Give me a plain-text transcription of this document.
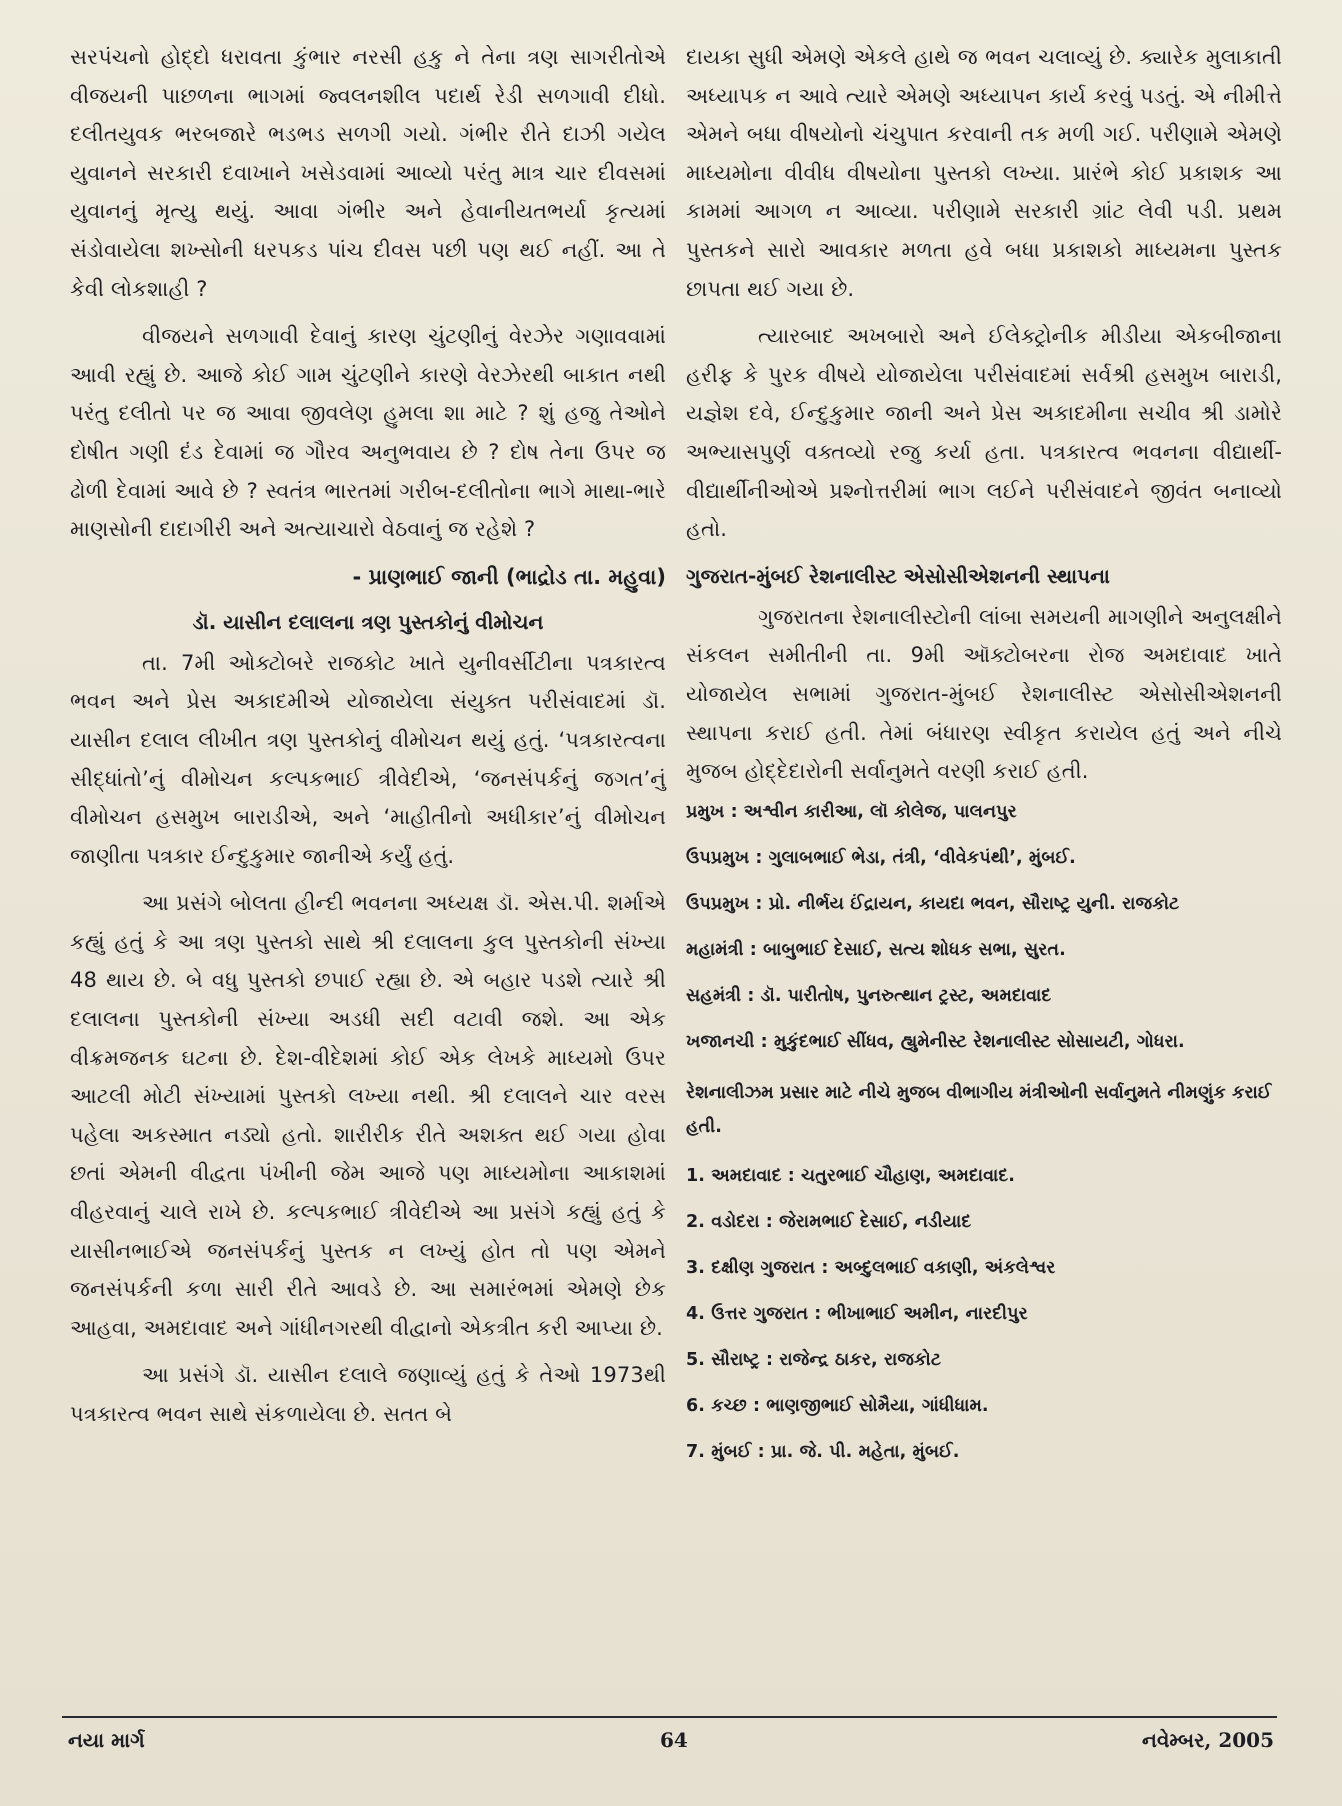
સરપંચનો હોદ્દો ધરાવતા કુંભાર નરસી હકુ ને તેના ત્રણ સાગરીતોએ વીજયની પાછળના ભાગમાં જ્વલનશીલ પદાર્થ રેડી સળગાવી દીધો. દલીતયુવક ભરબજારે ભડભડ સળગી ગયો. ગંભીર રીતે દાઝી ગયેલ યુવાનને સરકારી દવાખાને ખસેડવામાં આવ્યો પરંતુ માત્ર ચાર દીવસમાં યુવાનનું મૃત્યુ થયું. આવા ગંભીર અને હેવાનીયતભર્યા કૃત્યમાં સંડોવાયેલા શખ્સોની ધરપકડ પાંચ દીવસ પછી પણ થઈ નહીં. આ તે કેવી લોકશાહી ?

વીજયને સળગાવી દેવાનું કારણ ચુંટણીનું વેરઝેર ગણાવવામાં આવી રહ્યું છે. આજે કોઈ ગામ ચુંટણીને કારણે વેરઝેરથી બાકાત નથી પરંતુ દલીતો પર જ આવા જીવલેણ હુમલા શા માટે ? શું હજુ તેઓને દોષીત ગણી દંડ દેવામાં જ ગૌરવ અનુભવાય છે ? દોષ તેના ઉપર જ ઢોળી દેવામાં આવે છે ? સ્વતંત્ર ભારતમાં ગરીબ-દલીતોના ભાગે માથા-ભારે માણસોની દાદાગીરી અને અત્યાચારો વેઠવાનું જ રહેશે ?

- પ્રાણભાઈ જાની (ભાદ્રોડ તા. મહુવા)
ડૉ. યાસીન દલાલના ત્રણ પુસ્તકોનું વીમોચન

તા. 7મી ઓક્ટોબરે રાજકોટ ખાતે યુનીવર્સીટીના પત્રકારત્વ ભવન અને પ્રેસ અકાદમીએ યોજાયેલા સંયુક્ત પરીસંવાદમાં ડૉ. યાસીન દલાલ લીખીત ત્રણ પુસ્તકોનું વીમોચન થયું હતું. ‘પત્રકારત્વના સીદ્ધાંતો’નું વીમોચન કલ્પકભાઈ ત્રીવેદીએ, ‘જનસંપર્કનું જગત’નું વીમોચન હસમુખ બારાડીએ, અને ‘માહીતીનો અધીકાર’નું વીમોચન જાણીતા પત્રકાર ઈન્દુકુમાર જાનીએ કર્યું હતું.

આ પ્રસંગે બોલતા હીન્દી ભવનના અધ્યક્ષ ડૉ. એસ.પી. શર્માએ કહ્યું હતું કે આ ત્રણ પુસ્તકો સાથે શ્રી દલાલના કુલ પુસ્તકોની સંખ્યા 48 થાય છે. બે વધુ પુસ્તકો છપાઈ રહ્યા છે. એ બહાર પડશે ત્યારે શ્રી દલાલના પુસ્તકોની સંખ્યા અડધી સદી વટાવી જશે. આ એક વીક્રમજનક ઘટના છે. દેશ-વીદેશમાં કોઈ એક લેખકે માધ્યમો ઉપર આટલી મોટી સંખ્યામાં પુસ્તકો લખ્યા નથી. શ્રી દલાલને ચાર વરસ પહેલા અકસ્માત નડ્યો હતો. શારીરીક રીતે અશક્ત થઈ ગયા હોવા છતાં એમની વીદ્વતા પંખીની જેમ આજે પણ માધ્યમોના આકાશમાં વીહરવાનું ચાલે રાખે છે. કલ્પકભાઈ ત્રીવેદીએ આ પ્રસંગે કહ્યું હતું કે યાસીનભાઈએ જનસંપર્કનું પુસ્તક ન લખ્યું હોત તો પણ એમને જનસંપર્કની કળા સારી રીતે આવડે છે. આ સમારંભમાં એમણે છેક આહવા, અમદાવાદ અને ગાંધીનગરથી વીદ્વાનો એકત્રીત કરી આપ્યા છે.

આ પ્રસંગે ડૉ. યાસીન દલાલે જણાવ્યું હતું કે તેઓ 1973થી પત્રકારત્વ ભવન સાથે સંકળાયેલા છે. સતત બે

દાયકા સુધી એમણે એકલે હાથે જ ભવન ચલાવ્યું છે. ક્યારેક મુલાકાતી અધ્યાપક ન આવે ત્યારે એમણે અધ્યાપન કાર્ય કરવું પડતું. એ નીમીત્તે એમને બધા વીષયોનો ચંચુપાત કરવાની તક મળી ગઈ. પરીણામે એમણે માધ્યમોના વીવીધ વીષયોના પુસ્તકો લખ્યા. પ્રારંભે કોઈ પ્રકાશક આ કામમાં આગળ ન આવ્યા. પરીણામે સરકારી ગ્રાંટ લેવી પડી. પ્રથમ પુસ્તકને સારો આવકાર મળતા હવે બધા પ્રકાશકો માધ્યમના પુસ્તક છાપતા થઈ ગયા છે.

ત્યારબાદ અખબારો અને ઈલેક્ટ્રોનીક મીડીયા એકબીજાના હરીફ કે પુરક વીષયે યોજાયેલા પરીસંવાદમાં સર્વશ્રી હસમુખ બારાડી, યજ્ઞેશ દવે, ઈન્દુકુમાર જાની અને પ્રેસ અકાદમીના સચીવ શ્રી ડામોરે અભ્યાસપુર્ણ વક્તવ્યો રજુ કર્યા હતા. પત્રકારત્વ ભવનના વીદ્યાર્થી-વીદ્યાર્થીનીઓએ પ્રશ્નોત્તરીમાં ભાગ લઈને પરીસંવાદને જીવંત બનાવ્યો હતો.

ગુજરાત-મુંબઈ રેશનાલીસ્ટ એસોસીએશનની સ્થાપના

ગુજરાતના રેશનાલીસ્ટોની લાંબા સમયની માગણીને અનુલક્ષીને સંકલન સમીતીની તા. 9મી ઑક્ટોબરના રોજ અમદાવાદ ખાતે યોજાયેલ સભામાં ગુજરાત-મુંબઈ રેશનાલીસ્ટ એસોસીએશનની સ્થાપના કરાઈ હતી. તેમાં બંધારણ સ્વીકૃત કરાયેલ હતું અને નીચે મુજબ હોદ્દેદારોની સર્વાનુમતે વરણી કરાઈ હતી.

પ્રમુખ : અશ્વીન કારીઆ, લૉ કોલેજ, પાલનપુર
ઉપપ્રમુખ : ગુલાબભાઈ ભેડા, તંત્રી, ‘વીવેકપંથી’, મુંબઈ.
ઉપપ્રમુખ : પ્રો. નીર્ભય ઈંદ્રાયન, કાયદા ભવન, સૌરાષ્ટ્ર યુની. રાજકોટ
મહામંત્રી : બાબુભાઈ દેસાઈ, સત્ય શોધક સભા, સુરત.
સહમંત્રી : ડૉ. પારીતોષ, પુનરુત્થાન ટ્રસ્ટ, અમદાવાદ
ખજાનચી : મુકુંદભાઈ સીંધવ, હ્યુમેનીસ્ટ રેશનાલીસ્ટ સોસાયટી, ગોધરા.
રેશનાલીઝમ પ્રસાર માટે નીચે મુજબ વીભાગીય મંત્રીઓની સર્વાનુમતે નીમણુંક કરાઈ હતી.
1. અમદાવાદ : ચતુરભાઈ ચૌહાણ, અમદાવાદ.
2. વડોદરા : જેરામભાઈ દેસાઈ, નડીયાદ
3. દક્ષીણ ગુજરાત : અબ્દુલભાઈ વકાણી, અંકલેશ્વર
4. ઉત્તર ગુજરાત : ભીખાભાઈ અમીન, નારદીપુર
5. સૌરાષ્ટ્ર : રાજેન્દ્ર ઠાકર, રાજકોટ
6. કચ્છ : ભાણજીભાઈ સોમૈયા, ગાંધીધામ.
7. મુંબઈ : પ્રા. જે. પી. મહેતા, મુંબઈ.
નયા માર્ગ	64	નવેમ્બર, 2005
